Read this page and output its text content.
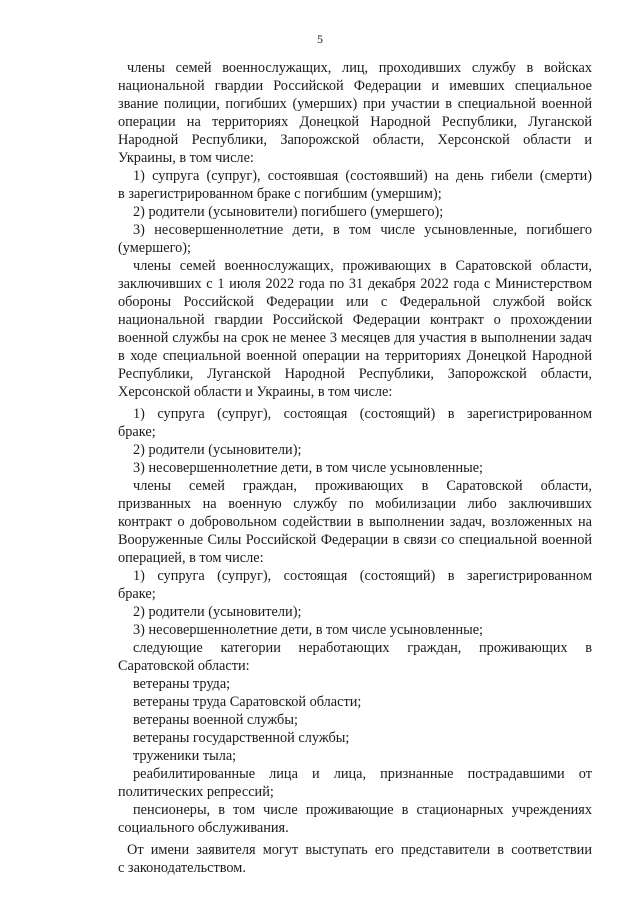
5
члены семей военнослужащих, лиц, проходивших службу в войсках
национальной гвардии Российской Федерации и имевших специальное
звание полиции, погибших (умерших) при участии в специальной военной
операции на территориях Донецкой Народной Республики, Луганской
Народной Республики, Запорожской области, Херсонской области и
Украины, в том числе:
1) супруга (супруг), состоявшая (состоявший) на день гибели (смерти)
в зарегистрированном браке с погибшим (умершим);
2) родители (усыновители) погибшего (умершего);
3) несовершеннолетние дети, в том числе усыновленные, погибшего
(умершего);
члены семей военнослужащих, проживающих в Саратовской области,
заключивших с 1 июля 2022 года по 31 декабря 2022 года с Министерством
обороны Российской Федерации или с Федеральной службой войск
национальной гвардии Российской Федерации контракт о прохождении
военной службы на срок не менее 3 месяцев для участия в выполнении задач
в ходе специальной военной операции на территориях Донецкой Народной
Республики, Луганской Народной Республики, Запорожской области,
Херсонской области и Украины, в том числе:
1) супруга (супруг), состоящая (состоящий) в зарегистрированном
браке;
2) родители (усыновители);
3) несовершеннолетние дети, в том числе усыновленные;
члены семей граждан, проживающих в Саратовской области,
призванных на военную службу по мобилизации либо заключивших
контракт о добровольном содействии в выполнении задач, возложенных на
Вооруженные Силы Российской Федерации в связи со специальной военной
операцией, в том числе:
1) супруга (супруг), состоящая (состоящий) в зарегистрированном
браке;
2) родители (усыновители);
3) несовершеннолетние дети, в том числе усыновленные;
следующие категории неработающих граждан, проживающих в
Саратовской области:
ветераны труда;
ветераны труда Саратовской области;
ветераны военной службы;
ветераны государственной службы;
труженики тыла;
реабилитированные лица и лица, признанные пострадавшими от
политических репрессий;
пенсионеры, в том числе проживающие в стационарных учреждениях
социального обслуживания.
От имени заявителя могут выступать его представители в соответствии
с законодательством.
